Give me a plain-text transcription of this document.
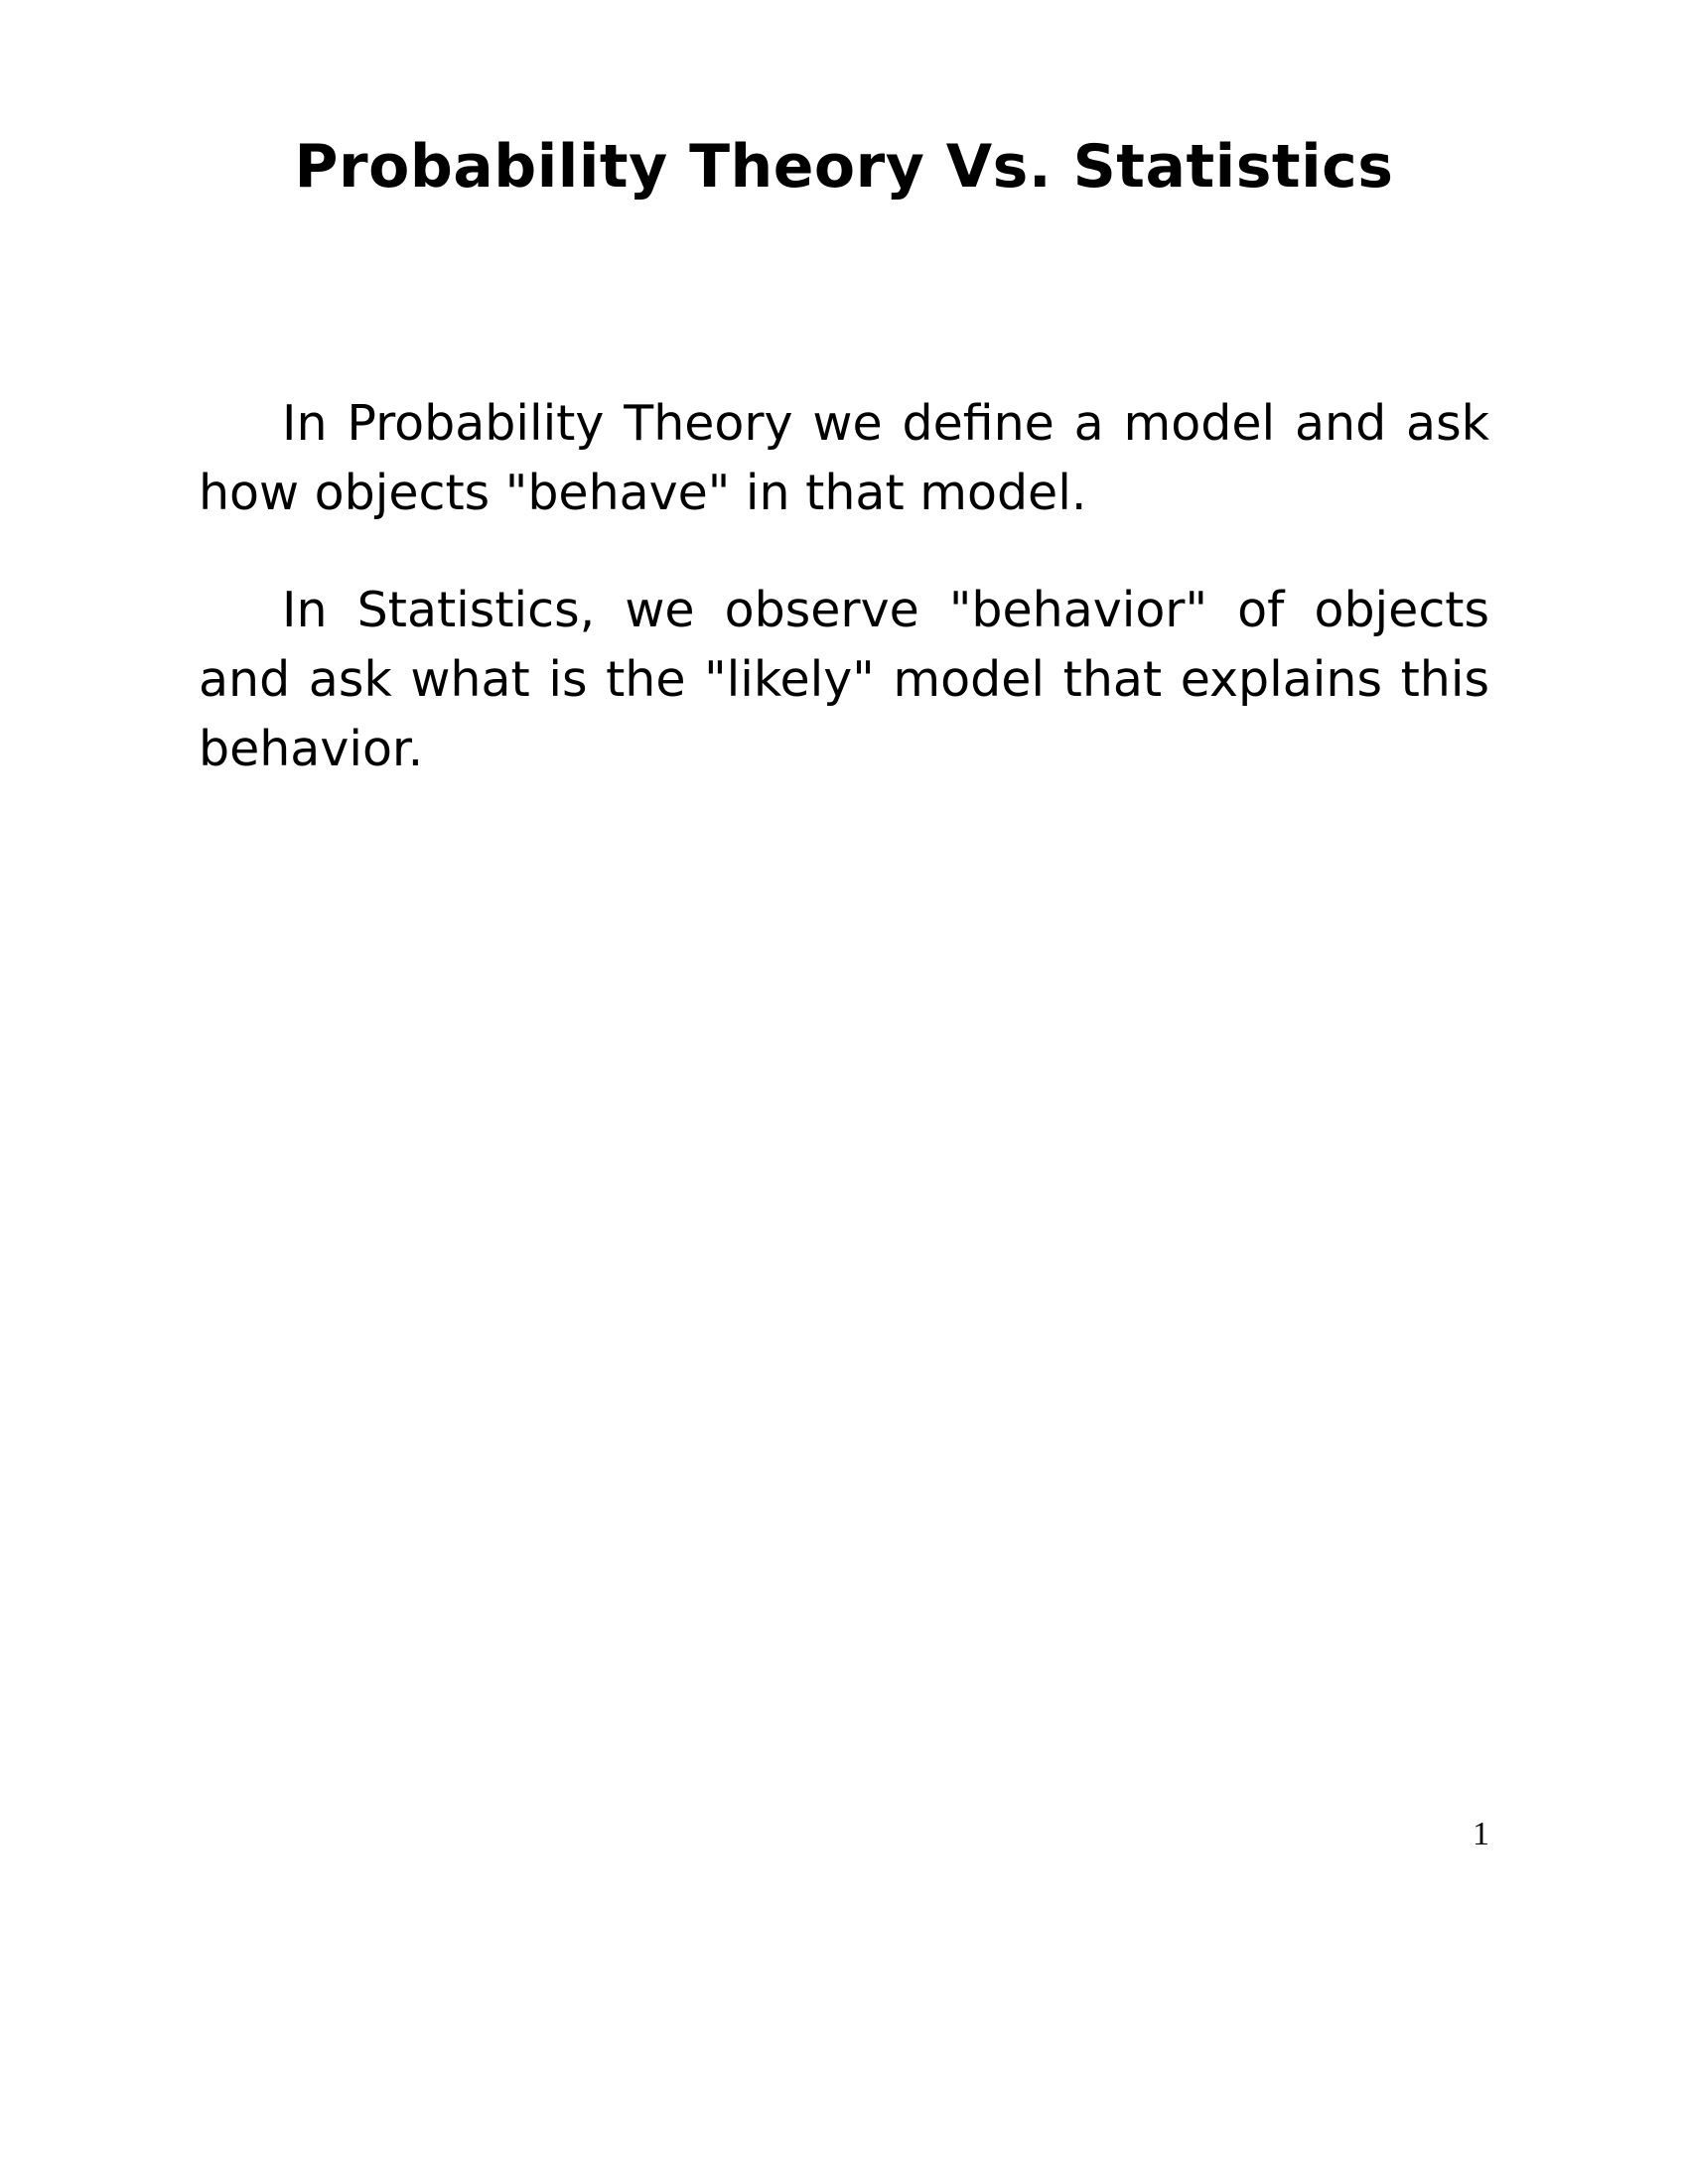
Probability Theory Vs. Statistics

In Probability Theory we define a model and ask how objects "behave" in that model.

In Statistics, we observe "behavior" of objects and ask what is the "likely" model that explains this behavior.

1
